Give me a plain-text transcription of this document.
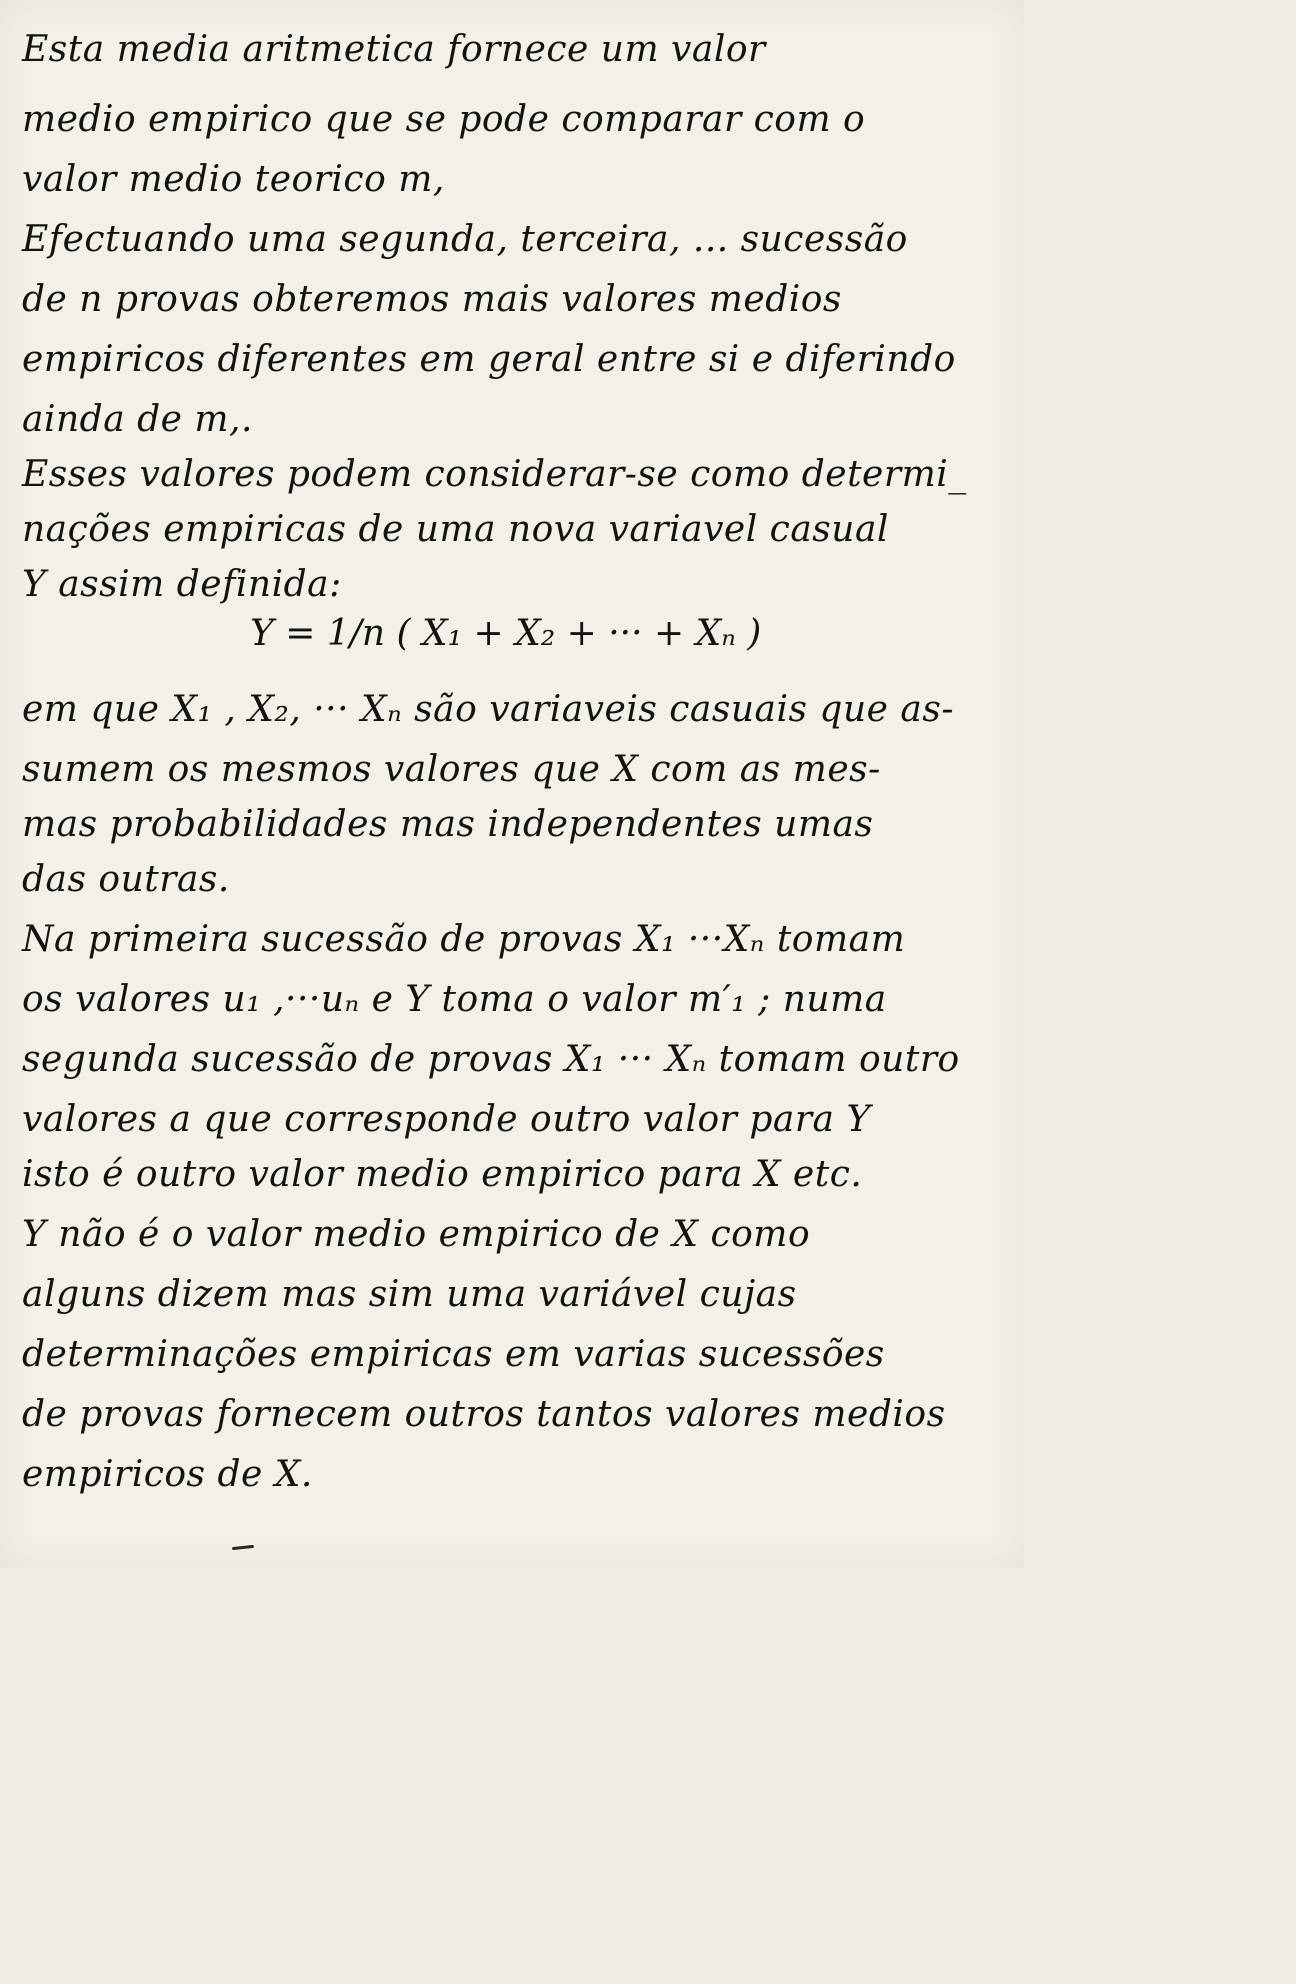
Esta media aritmetica fornece um valor

medio empirico que se pode comparar com o

valor medio teorico m,

Efectuando uma segunda, terceira, ... sucessão

de n provas obteremos mais valores medios

empiricos diferentes em geral entre si e diferindo

ainda de m,.

Esses valores podem considerar-se como determi_

nações empiricas de uma nova variavel casual

Y assim definida:

Y = 1/n ( X₁ + X₂ + ··· + Xₙ )

em que X₁ , X₂, ··· Xₙ são variaveis casuais que as-

sumem os mesmos valores que X com as mes-

mas probabilidades mas independentes umas

das outras.

Na primeira sucessão de provas X₁ ···Xₙ tomam

os valores u₁ ,···uₙ e Y toma o valor m′₁ ; numa

segunda sucessão de provas X₁ ··· Xₙ tomam outro

valores a que corresponde outro valor para Y

isto é outro valor medio empirico para X etc.

Y não é o valor medio empirico de X como

alguns dizem mas sim uma variável cujas

determinações empiricas em varias sucessões

de provas fornecem outros tantos valores medios

empiricos de X.
